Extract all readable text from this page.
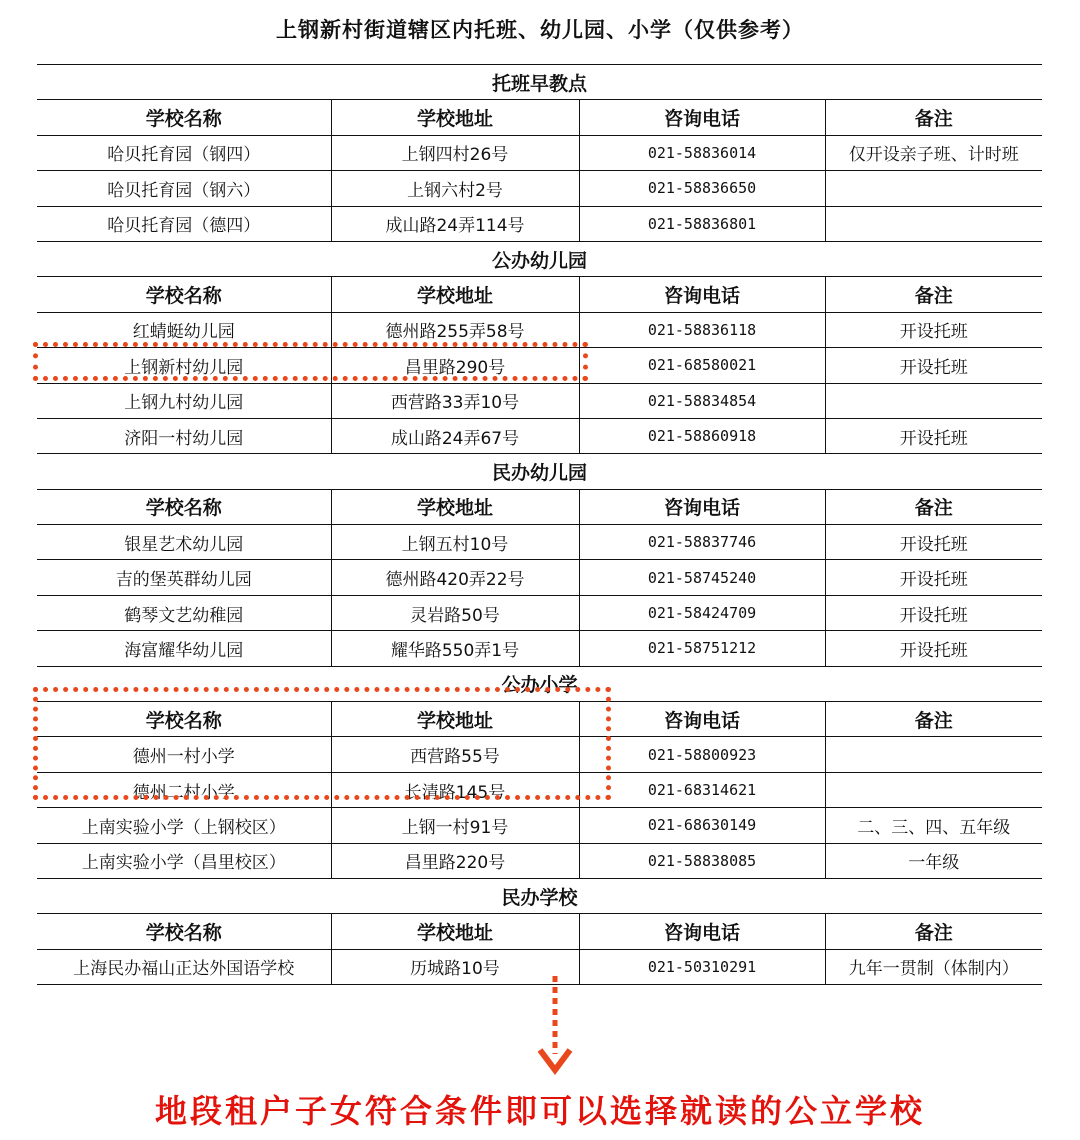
上钢新村街道辖区内托班、幼儿园、小学（仅供参考）
托班早教点			
学校名称	学校地址	咨询电话	备注
哈贝托育园（钢四）	上钢四村26号	021-58836014	仅开设亲子班、计时班
哈贝托育园（钢六）	上钢六村2号	021-58836650	
哈贝托育园（德四）	成山路24弄114号	021-58836801	
公办幼儿园			
学校名称	学校地址	咨询电话	备注
红蜻蜓幼儿园	德州路255弄58号	021-58836118	开设托班
上钢新村幼儿园	昌里路290号	021-68580021	开设托班
上钢九村幼儿园	西营路33弄10号	021-58834854	
济阳一村幼儿园	成山路24弄67号	021-58860918	开设托班
民办幼儿园			
学校名称	学校地址	咨询电话	备注
银星艺术幼儿园	上钢五村10号	021-58837746	开设托班
吉的堡英群幼儿园	德州路420弄22号	021-58745240	开设托班
鹤琴文艺幼稚园	灵岩路50号	021-58424709	开设托班
海富耀华幼儿园	耀华路550弄1号	021-58751212	开设托班
公办小学			
学校名称	学校地址	咨询电话	备注
德州一村小学	西营路55号	021-58800923	
德州二村小学	长清路145号	021-68314621	
上南实验小学（上钢校区）	上钢一村91号	021-68630149	二、三、四、五年级
上南实验小学（昌里校区）	昌里路220号	021-58838085	一年级
民办学校			
学校名称	学校地址	咨询电话	备注
上海民办福山正达外国语学校	历城路10号	021-50310291	九年一贯制（体制内）
地段租户子女符合条件即可以选择就读的公立学校
